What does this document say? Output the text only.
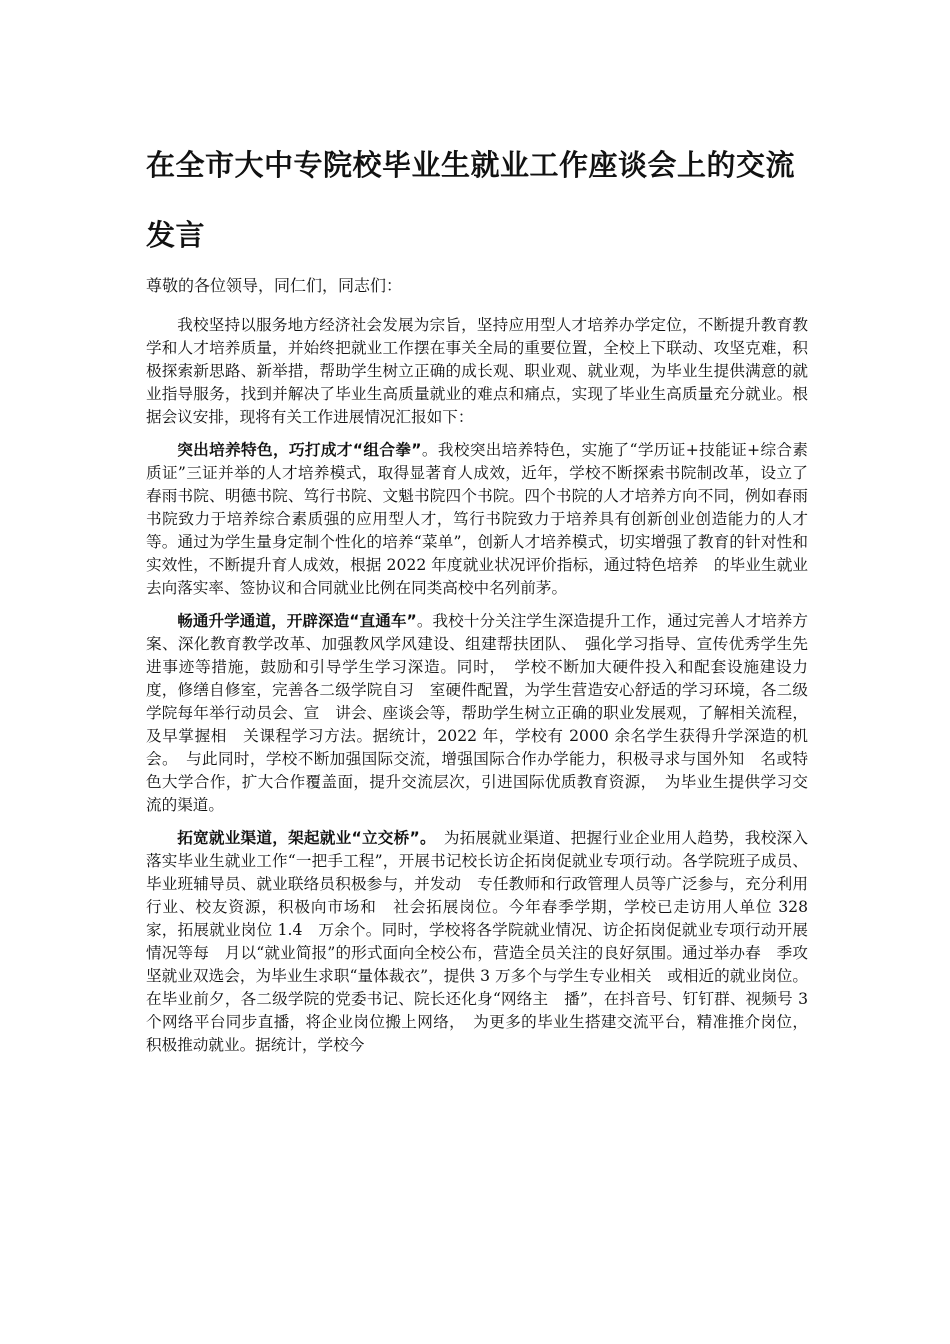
在全市大中专院校毕业生就业工作座谈会上的交流发言

尊敬的各位领导，同仁们，同志们：

我校坚持以服务地方经济社会发展为宗旨，坚持应用型人才培养办学定位，不断提升教育教学和人才培养质量，并始终把就业工作摆在事关全局的重要位置，全校上下联动、攻坚克难，积极探索新思路、新举措，帮助学生树立正确的成长观、职业观、就业观，为毕业生提供满意的就业指导服务，找到并解决了毕业生高质量就业的难点和痛点，实现了毕业生高质量充分就业。根据会议安排，现将有关工作进展情况汇报如下：

突出培养特色，巧打成才“组合拳”。我校突出培养特色，实施了“学历证+技能证+综合素质证”三证并举的人才培养模式，取得显著育人成效，近年，学校不断探索书院制改革，设立了春雨书院、明德书院、笃行书院、文魁书院四个书院。四个书院的人才培养方向不同，例如春雨书院致力于培养综合素质强的应用型人才，笃行书院致力于培养具有创新创业创造能力的人才等。通过为学生量身定制个性化的培养“菜单”，创新人才培养模式，切实增强了教育的针对性和实效性，不断提升育人成效，根据 2022 年度就业状况评价指标，通过特色培养　的毕业生就业去向落实率、签协议和合同就业比例在同类高校中名列前茅。

畅通升学通道，开辟深造“直通车”。我校十分关注学生深造提升工作，通过完善人才培养方案、深化教育教学改革、加强教风学风建设、组建帮扶团队、　强化学习指导、宣传优秀学生先进事迹等措施，鼓励和引导学生学习深造。同时，　学校不断加大硬件投入和配套设施建设力度，修缮自修室，完善各二级学院自习　室硬件配置，为学生营造安心舒适的学习环境，各二级学院每年举行动员会、宣　讲会、座谈会等，帮助学生树立正确的职业发展观，了解相关流程，及早掌握相　关课程学习方法。据统计，2022 年，学校有 2000 余名学生获得升学深造的机会。　与此同时，学校不断加强国际交流，增强国际合作办学能力，积极寻求与国外知　名或特色大学合作，扩大合作覆盖面，提升交流层次，引进国际优质教育资源，　为毕业生提供学习交流的渠道。

拓宽就业渠道，架起就业“立交桥”。　为拓展就业渠道、把握行业企业用人趋势，我校深入落实毕业生就业工作“一把手工程”，开展书记校长访企拓岗促就业专项行动。各学院班子成员、毕业班辅导员、就业联络员积极参与，并发动　专任教师和行政管理人员等广泛参与，充分利用行业、校友资源，积极向市场和　社会拓展岗位。今年春季学期，学校已走访用人单位 328 家，拓展就业岗位 1.4　万余个。同时，学校将各学院就业情况、访企拓岗促就业专项行动开展情况等每　月以“就业简报”的形式面向全校公布，营造全员关注的良好氛围。通过举办春　季攻坚就业双选会，为毕业生求职“量体裁衣”，提供 3 万多个与学生专业相关　或相近的就业岗位。在毕业前夕，各二级学院的党委书记、院长还化身“网络主　播”，在抖音号、钉钉群、视频号 3 个网络平台同步直播，将企业岗位搬上网络，　为更多的毕业生搭建交流平台，精准推介岗位，积极推动就业。据统计，学校今
